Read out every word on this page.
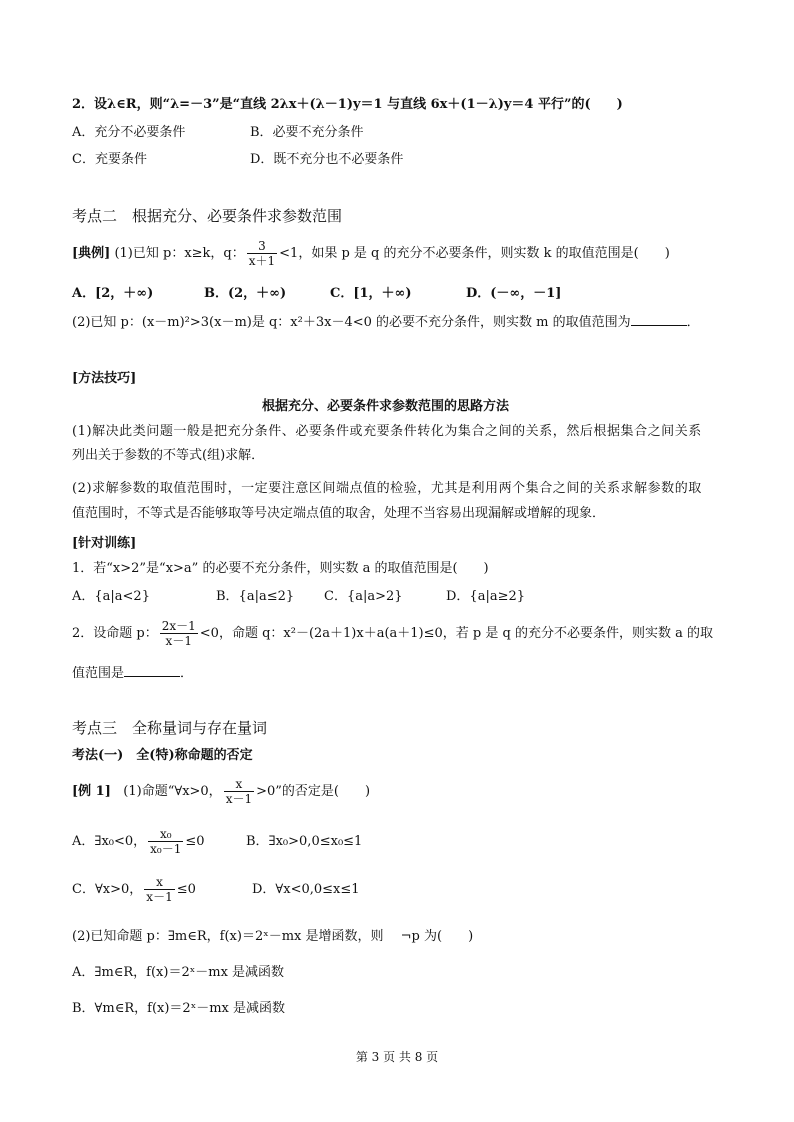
2．设λ∈R，则“λ=－3”是“直线 2λx＋(λ－1)y＝1 与直线 6x＋(1－λ)y＝4 平行”的(　　)
A．充分不必要条件	B．必要不充分条件
C．充要条件	D．既不充分也不必要条件
考点二　根据充分、必要条件求参数范围
[典例] (1)已知 p：x≥k，q： $\frac{3}{x+1} <1$，如果 p 是 q 的充分不必要条件，则实数 k 的取值范围是(　　)
A．[2，＋∞)	B．(2，＋∞)	C．[1，＋∞)	D．(－∞，－1]
(2)已知 p：(x－m)²>3(x－m)是 q：x²＋3x－4<0 的必要不充分条件，则实数 m 的取值范围为	．
[方法技巧]
根据充分、必要条件求参数范围的思路方法
(1)解决此类问题一般是把充分条件、必要条件或充要条件转化为集合之间的关系，然后根据集合之间关系
列出关于参数的不等式(组)求解．
(2)求解参数的取值范围时，一定要注意区间端点值的检验，尤其是利用两个集合之间的关系求解参数的取
值范围时，不等式是否能够取等号决定端点值的取舍，处理不当容易出现漏解或增解的现象．
[针对训练]
1．若“x>2”是“x>a” 的必要不充分条件，则实数 a 的取值范围是(　　)
A．{a|a<2}	B．{a|a≤2} C．{a|a>2}	D．{a|a≥2}
2．设命题 p： $\frac{2x-1}{x-1} <0$，命题 q：x²－(2a＋1)x＋a(a＋1)≤0，若 p 是 q 的充分不必要条件，则实数 a 的取
值范围是	．
考点三　全称量词与存在量词
考法(一)　全(特)称命题的否定
[例 1] (1)命题“∀x>0， $\frac{x}{x-1} >0$”的否定是(　　)
A．∃x₀<0， $\frac{\text{x₀}}{\text{x₀－1}} \le 0$	B．∃x₀>0,0≤x₀≤1
C．∀x>0， $\frac{x}{x-1} \le 0$	D．∀x<0,0≤x≤1
(2)已知命题 p：∃m∈R，f(x)＝2ˣ－mx 是增函数，则　 ¬p 为(　　)
A．∃m∈R，f(x)＝2ˣ－mx 是减函数
B．∀m∈R，f(x)＝2ˣ－mx 是减函数
第 3 页 共 8 页
